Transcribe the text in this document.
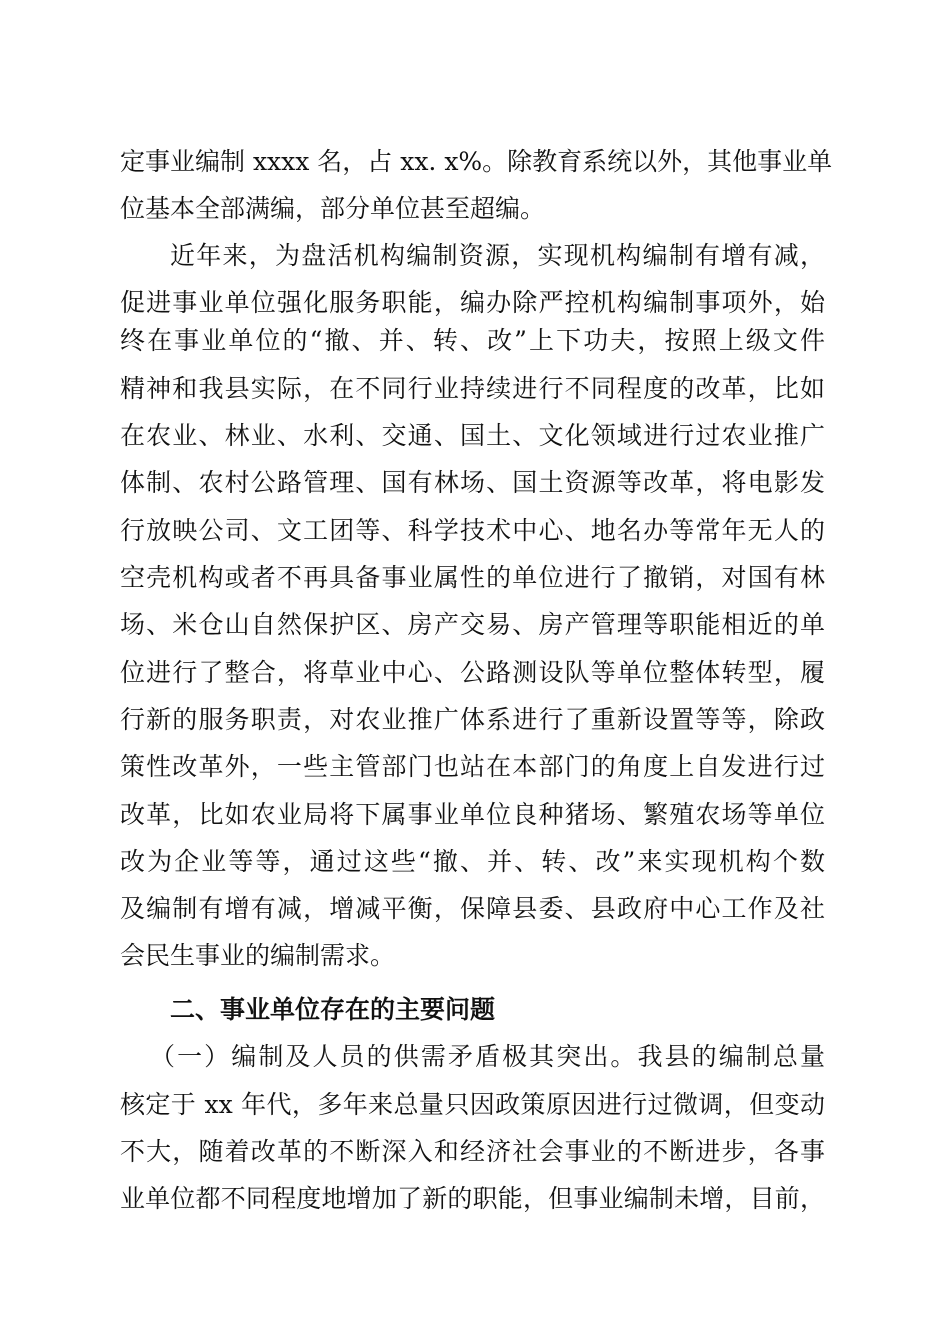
定事业编制 xxxx 名，占 xx. x%。除教育系统以外，其他事业单
位基本全部满编，部分单位甚至超编。
近年来，为盘活机构编制资源，实现机构编制有增有减，
促进事业单位强化服务职能，编办除严控机构编制事项外，始
终在事业单位的“撤、并、转、改”上下功夫，按照上级文件
精神和我县实际，在不同行业持续进行不同程度的改革，比如
在农业、林业、水利、交通、国土、文化领域进行过农业推广
体制、农村公路管理、国有林场、国土资源等改革，将电影发
行放映公司、文工团等、科学技术中心、地名办等常年无人的
空壳机构或者不再具备事业属性的单位进行了撤销，对国有林
场、米仓山自然保护区、房产交易、房产管理等职能相近的单
位进行了整合，将草业中心、公路测设队等单位整体转型，履
行新的服务职责，对农业推广体系进行了重新设置等等，除政
策性改革外，一些主管部门也站在本部门的角度上自发进行过
改革，比如农业局将下属事业单位良种猪场、繁殖农场等单位
改为企业等等，通过这些“撤、并、转、改”来实现机构个数
及编制有增有减，增减平衡，保障县委、县政府中心工作及社
会民生事业的编制需求。
二、事业单位存在的主要问题
（一）编制及人员的供需矛盾极其突出。我县的编制总量
核定于 xx 年代，多年来总量只因政策原因进行过微调，但变动
不大，随着改革的不断深入和经济社会事业的不断进步，各事
业单位都不同程度地增加了新的职能，但事业编制未增，目前，
